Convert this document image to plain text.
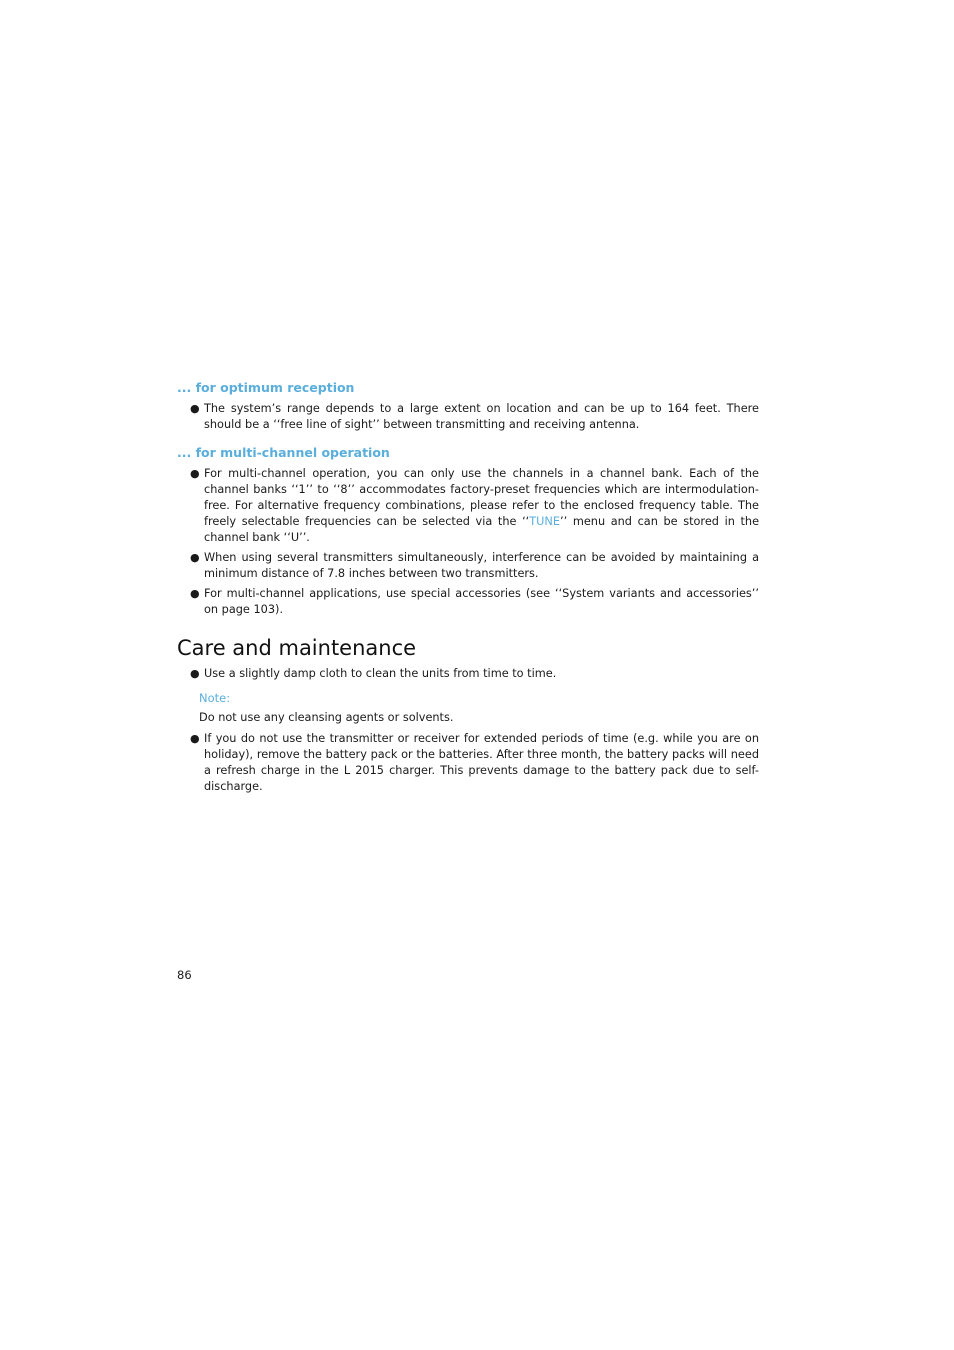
... for optimum reception
● The system’s range depends to a large extent on location and can be up to 164 feet. There should be a ‘‘free line of sight’’ between transmitting and receiving antenna.
... for multi-channel operation
● For multi-channel operation, you can only use the channels in a channel bank. Each of the channel banks ‘‘1’’ to ‘‘8’’ accommodates factory-preset frequencies which are intermodulation-free. For alternative frequency combinations, please refer to the enclosed frequency table. The freely selectable frequencies can be selected via the ‘‘TUNE’’ menu and can be stored in the channel bank ‘‘U’’.
● When using several transmitters simultaneously, interference can be avoided by maintaining a minimum distance of 7.8 inches between two transmitters.
● For multi-channel applications, use special accessories (see ‘‘System variants and accessories’’ on page 103).
Care and maintenance
● Use a slightly damp cloth to clean the units from time to time.

Note:

Do not use any cleansing agents or solvents.

● If you do not use the transmitter or receiver for extended periods of time (e.g. while you are on holiday), remove the battery pack or the batteries. After three month, the battery packs will need a refresh charge in the L 2015 charger. This prevents damage to the battery pack due to self-discharge.
86
